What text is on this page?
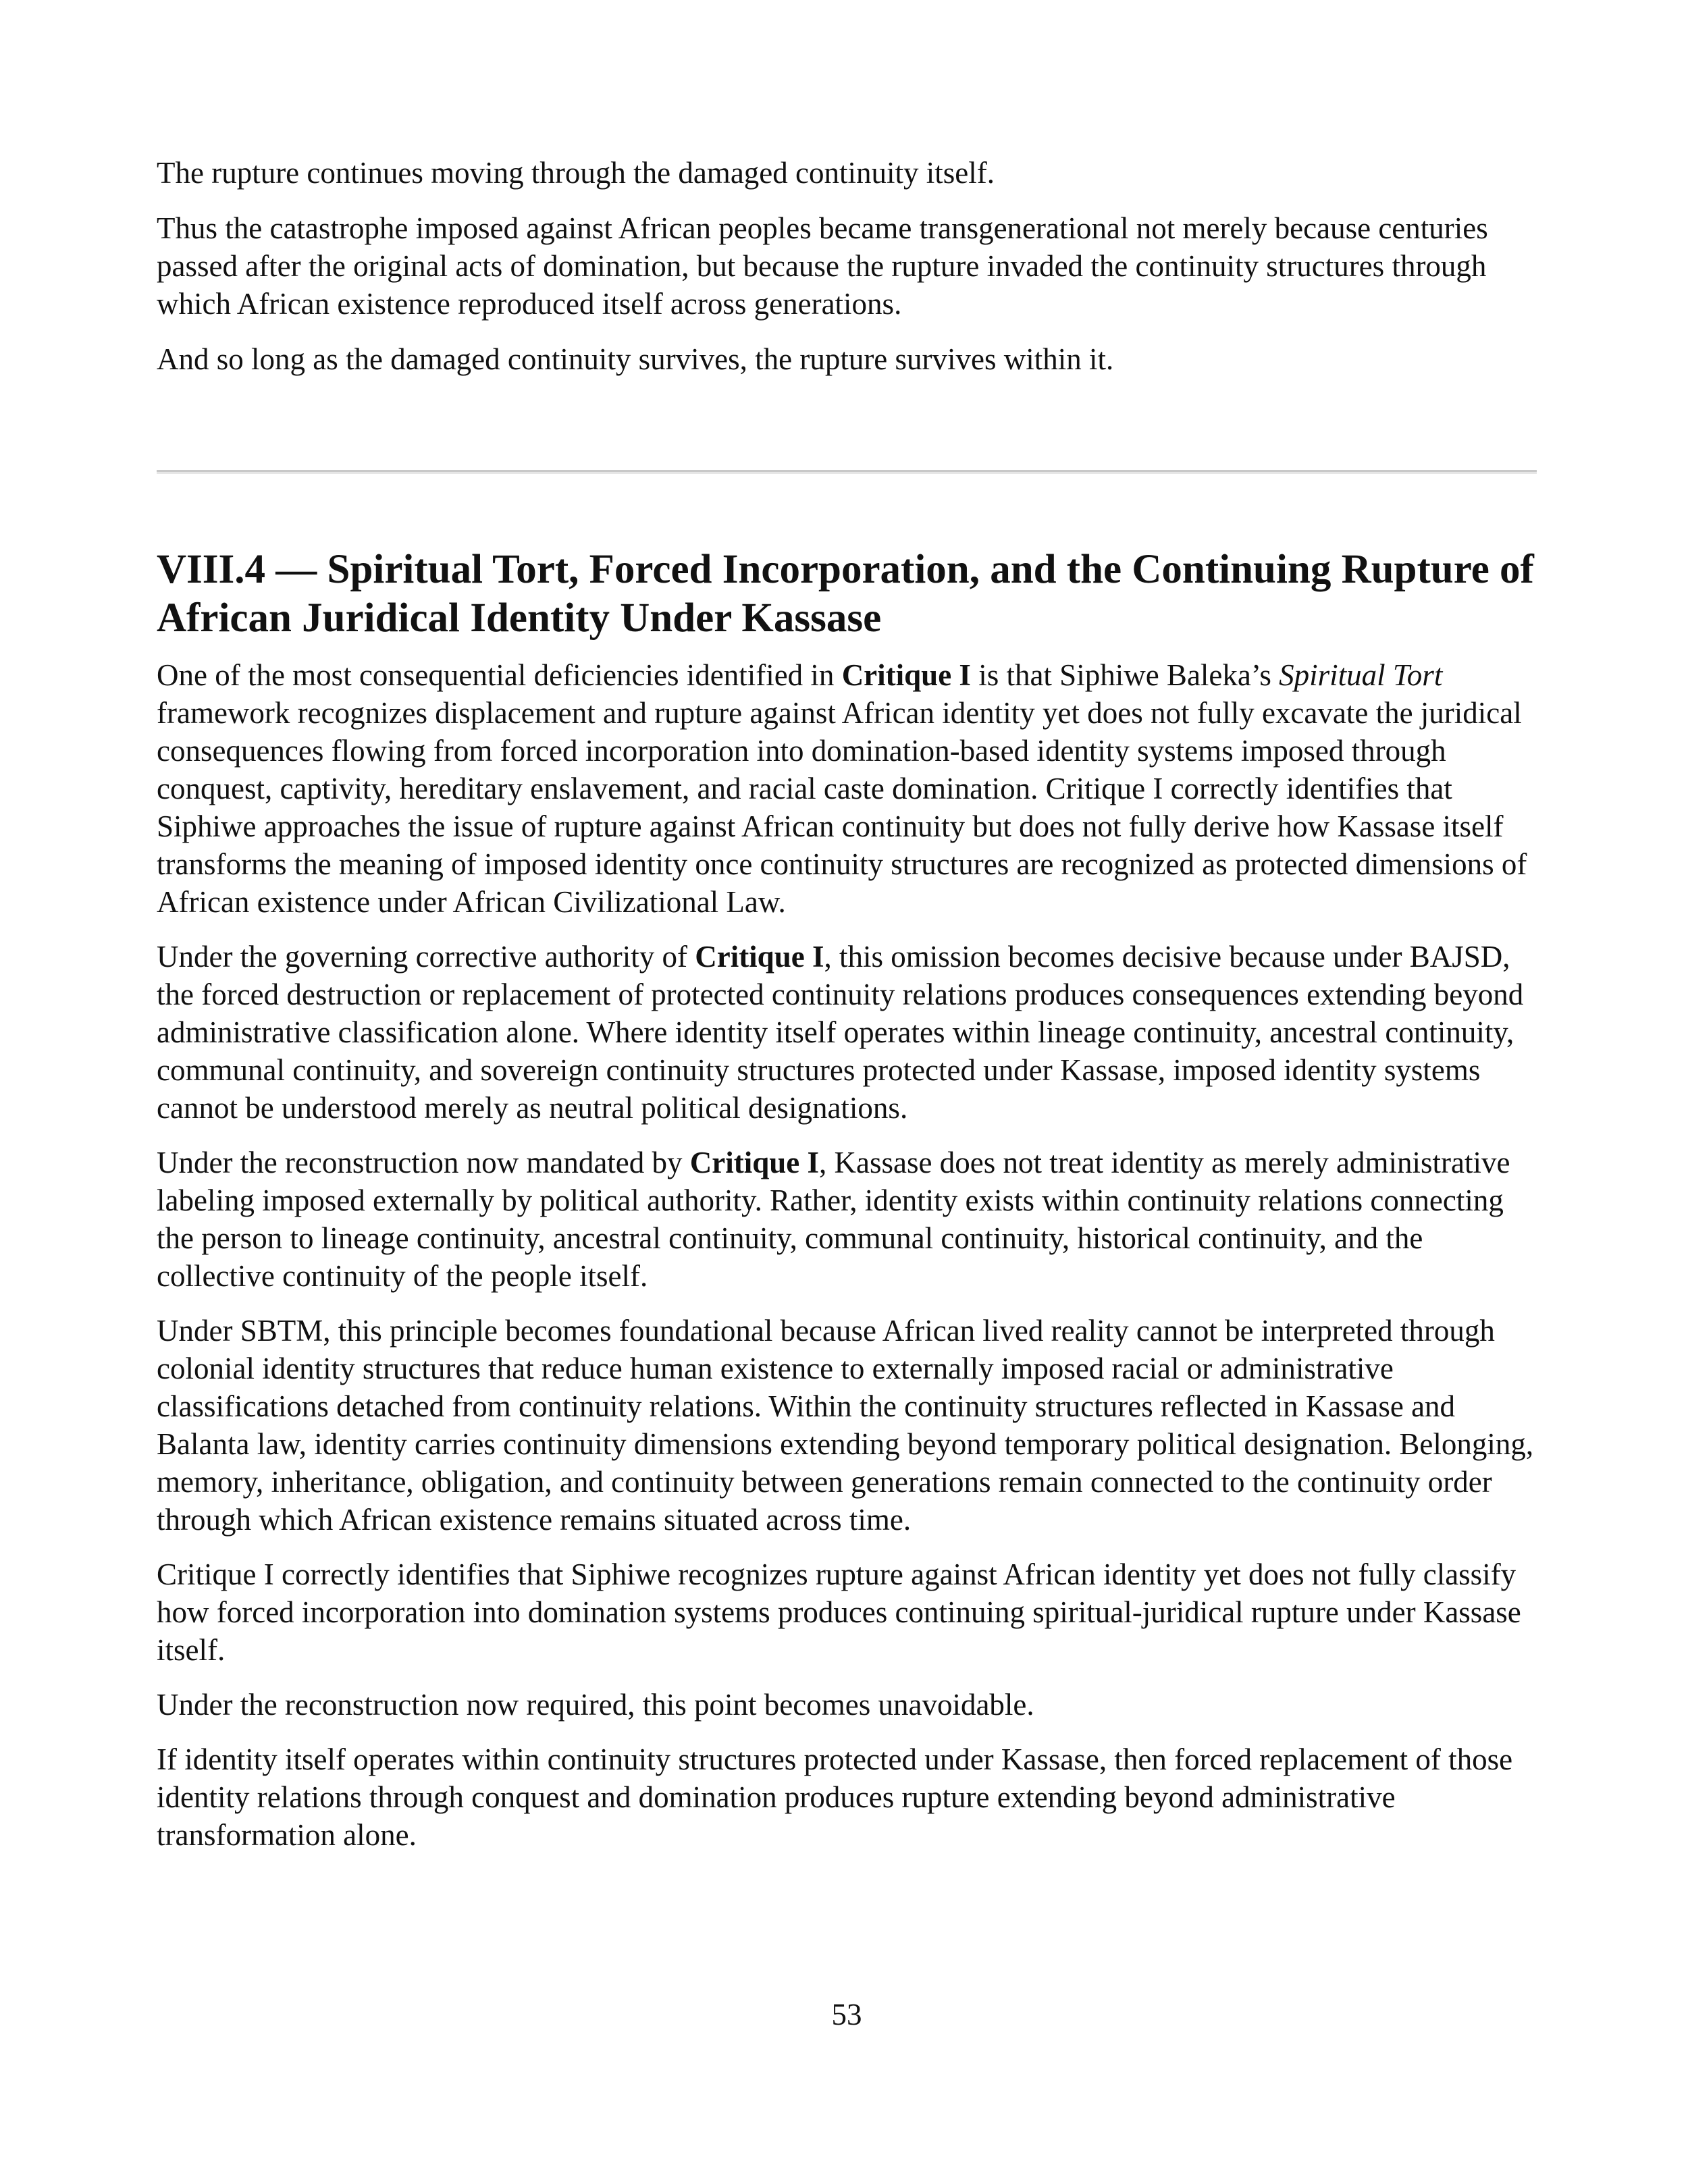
The rupture continues moving through the damaged continuity itself.

Thus the catastrophe imposed against African peoples became transgenerational not merely because centuries passed after the original acts of domination, but because the rupture invaded the continuity structures through which African existence reproduced itself across generations.

And so long as the damaged continuity survives, the rupture survives within it.

VIII.4 — Spiritual Tort, Forced Incorporation, and the Continuing Rupture of African Juridical Identity Under Kassase

One of the most consequential deficiencies identified in Critique I is that Siphiwe Baleka’s Spiritual Tort framework recognizes displacement and rupture against African identity yet does not fully excavate the juridical consequences flowing from forced incorporation into domination-based identity systems imposed through conquest, captivity, hereditary enslavement, and racial caste domination. Critique I correctly identifies that Siphiwe approaches the issue of rupture against African continuity but does not fully derive how Kassase itself transforms the meaning of imposed identity once continuity structures are recognized as protected dimensions of African existence under African Civilizational Law.

Under the governing corrective authority of Critique I, this omission becomes decisive because under BAJSD, the forced destruction or replacement of protected continuity relations produces consequences extending beyond administrative classification alone. Where identity itself operates within lineage continuity, ancestral continuity, communal continuity, and sovereign continuity structures protected under Kassase, imposed identity systems cannot be understood merely as neutral political designations.

Under the reconstruction now mandated by Critique I, Kassase does not treat identity as merely administrative labeling imposed externally by political authority. Rather, identity exists within continuity relations connecting the person to lineage continuity, ancestral continuity, communal continuity, historical continuity, and the collective continuity of the people itself.

Under SBTM, this principle becomes foundational because African lived reality cannot be interpreted through colonial identity structures that reduce human existence to externally imposed racial or administrative classifications detached from continuity relations. Within the continuity structures reflected in Kassase and Balanta law, identity carries continuity dimensions extending beyond temporary political designation. Belonging, memory, inheritance, obligation, and continuity between generations remain connected to the continuity order through which African existence remains situated across time.

Critique I correctly identifies that Siphiwe recognizes rupture against African identity yet does not fully classify how forced incorporation into domination systems produces continuing spiritual-juridical rupture under Kassase itself.

Under the reconstruction now required, this point becomes unavoidable.

If identity itself operates within continuity structures protected under Kassase, then forced replacement of those identity relations through conquest and domination produces rupture extending beyond administrative transformation alone.

53
